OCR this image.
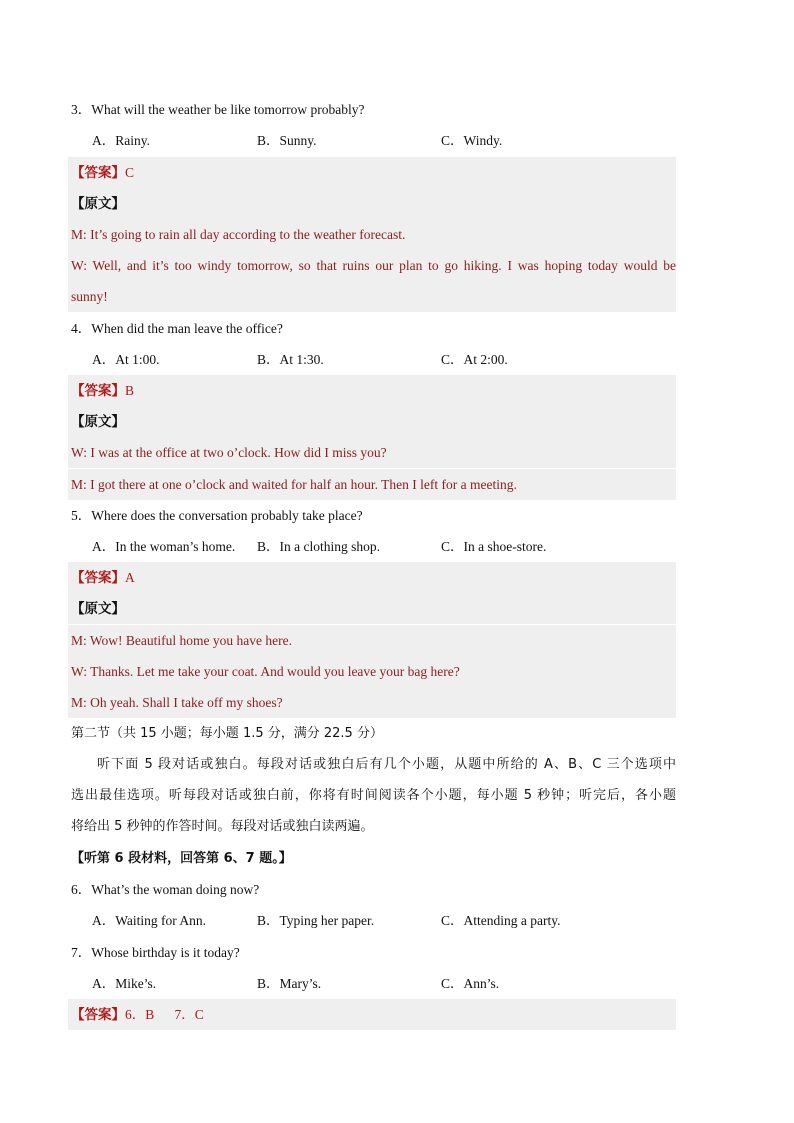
3．What will the weather be like tomorrow probably?
A．Rainy.	B．Sunny.	C．Windy.
【答案】C
【原文】
M: It’s going to rain all day according to the weather forecast.
W: Well, and it’s too windy tomorrow, so that ruins our plan to go hiking. I was hoping today would be
sunny!
4．When did the man leave the office?
A．At 1:00.	B．At 1:30.	C．At 2:00.
【答案】B
【原文】
W: I was at the office at two o’clock. How did I miss you?
M: I got there at one o’clock and waited for half an hour. Then I left for a meeting.
5．Where does the conversation probably take place?
A．In the woman’s home. B．In a clothing shop.	C．In a shoe-store.
【答案】A
【原文】
M: Wow! Beautiful home you have here.
W: Thanks. Let me take your coat. And would you leave your bag here?
M: Oh yeah. Shall I take off my shoes?
第二节（共 15 小题；每小题 1.5 分，满分 22.5 分）
听下面 5 段对话或独白。每段对话或独白后有几个小题，从题中所给的 A、B、C 三个选项中
选出最佳选项。听每段对话或独白前，你将有时间阅读各个小题，每小题 5 秒钟；听完后，各小题
将给出 5 秒钟的作答时间。每段对话或独白读两遍。
【听第 6 段材料，回答第 6、7 题。】
6．What’s the woman doing now?
A．Waiting for Ann.	B．Typing her paper.	C．Attending a party.
7．Whose birthday is it today?
A．Mike’s.	B．Mary’s.	C．Ann’s.
【答案】6．B      7．C
